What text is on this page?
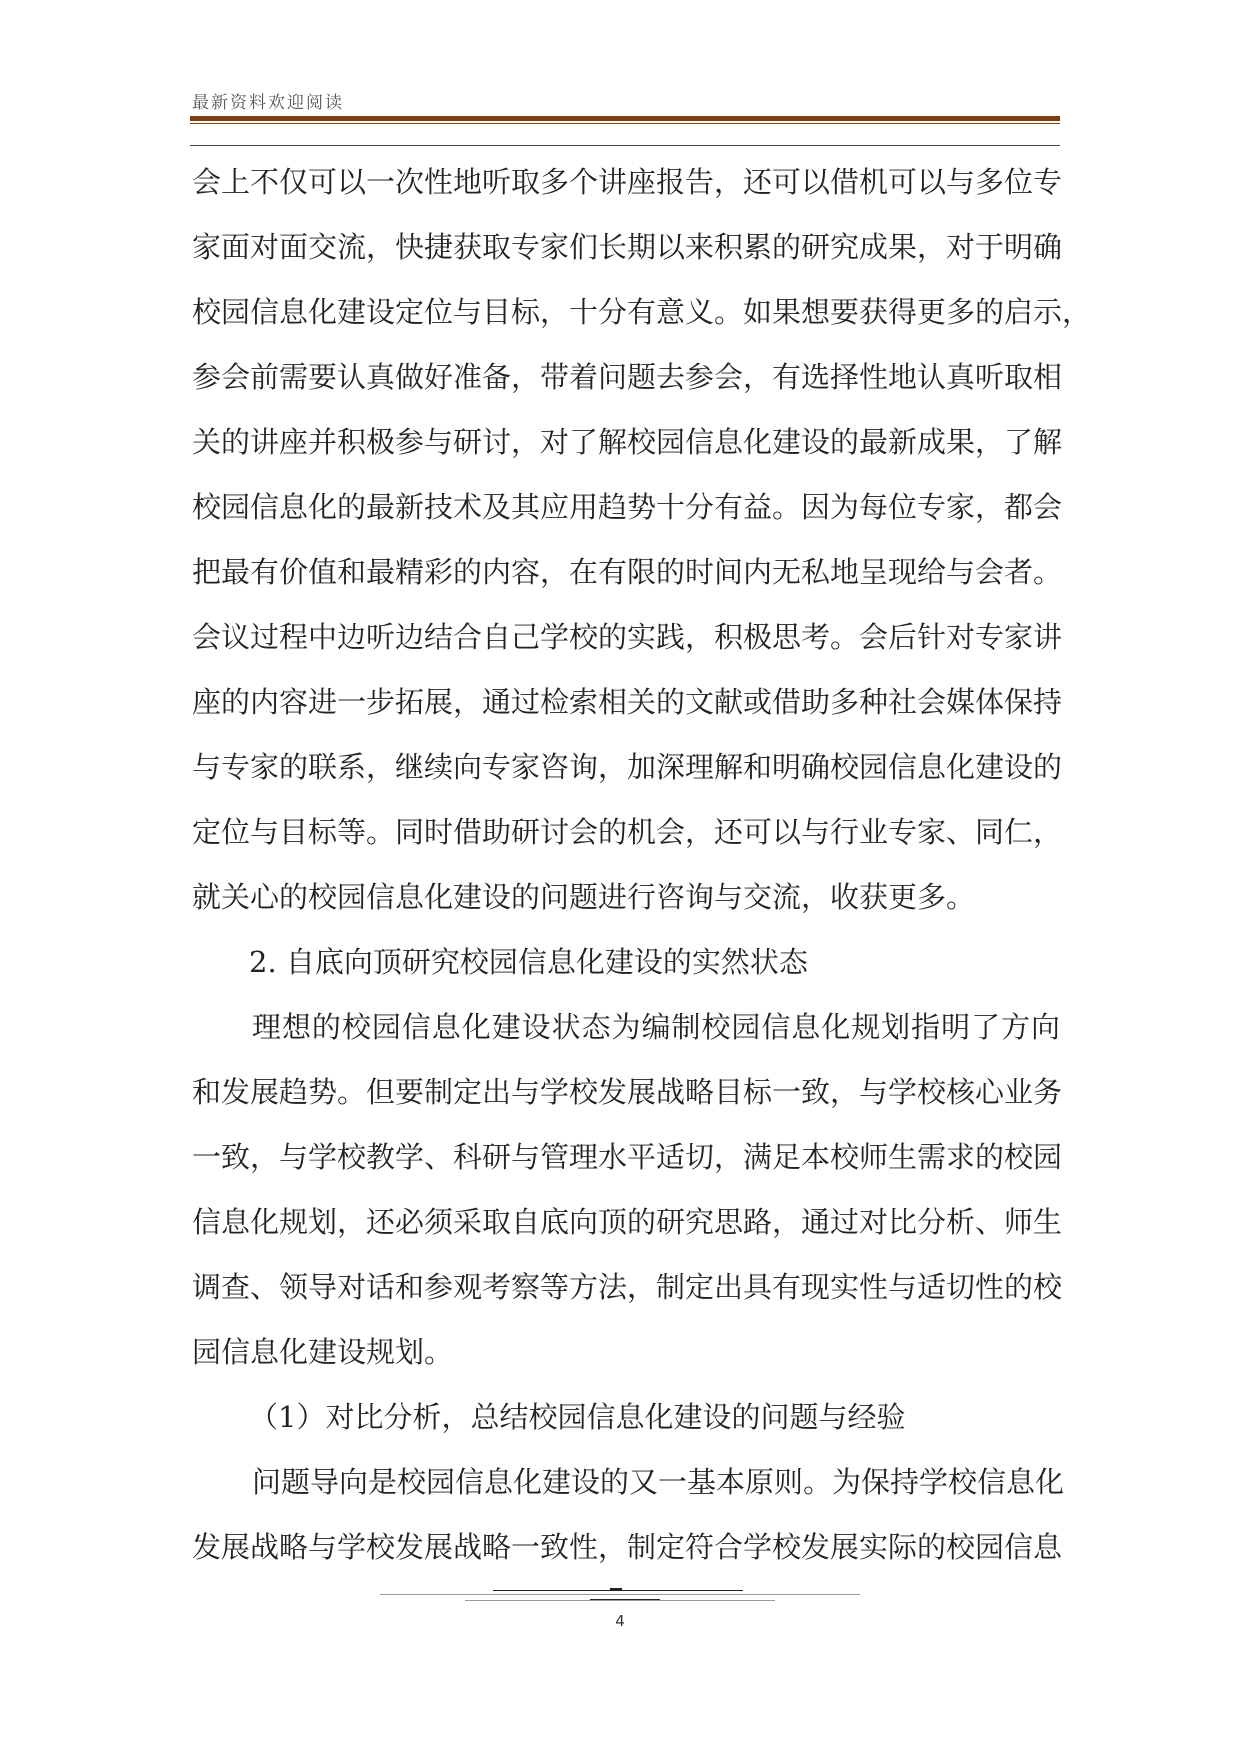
最新资料欢迎阅读
会上不仅可以一次性地听取多个讲座报告，还可以借机可以与多位专
家面对面交流，快捷获取专家们长期以来积累的研究成果，对于明确
校园信息化建设定位与目标，十分有意义。如果想要获得更多的启示，
参会前需要认真做好准备，带着问题去参会，有选择性地认真听取相
关的讲座并积极参与研讨，对了解校园信息化建设的最新成果，了解
校园信息化的最新技术及其应用趋势十分有益。因为每位专家，都会
把最有价值和最精彩的内容，在有限的时间内无私地呈现给与会者。
会议过程中边听边结合自己学校的实践，积极思考。会后针对专家讲
座的内容进一步拓展，通过检索相关的文献或借助多种社会媒体保持
与专家的联系，继续向专家咨询，加深理解和明确校园信息化建设的
定位与目标等。同时借助研讨会的机会，还可以与行业专家、同仁，
就关心的校园信息化建设的问题进行咨询与交流，收获更多。
2. 自底向顶研究校园信息化建设的实然状态
理想的校园信息化建设状态为编制校园信息化规划指明了方向
和发展趋势。但要制定出与学校发展战略目标一致，与学校核心业务
一致，与学校教学、科研与管理水平适切，满足本校师生需求的校园
信息化规划，还必须采取自底向顶的研究思路，通过对比分析、师生
调查、领导对话和参观考察等方法，制定出具有现实性与适切性的校
园信息化建设规划。
（1）对比分析，总结校园信息化建设的问题与经验
问题导向是校园信息化建设的又一基本原则。为保持学校信息化
发展战略与学校发展战略一致性，制定符合学校发展实际的校园信息
4
